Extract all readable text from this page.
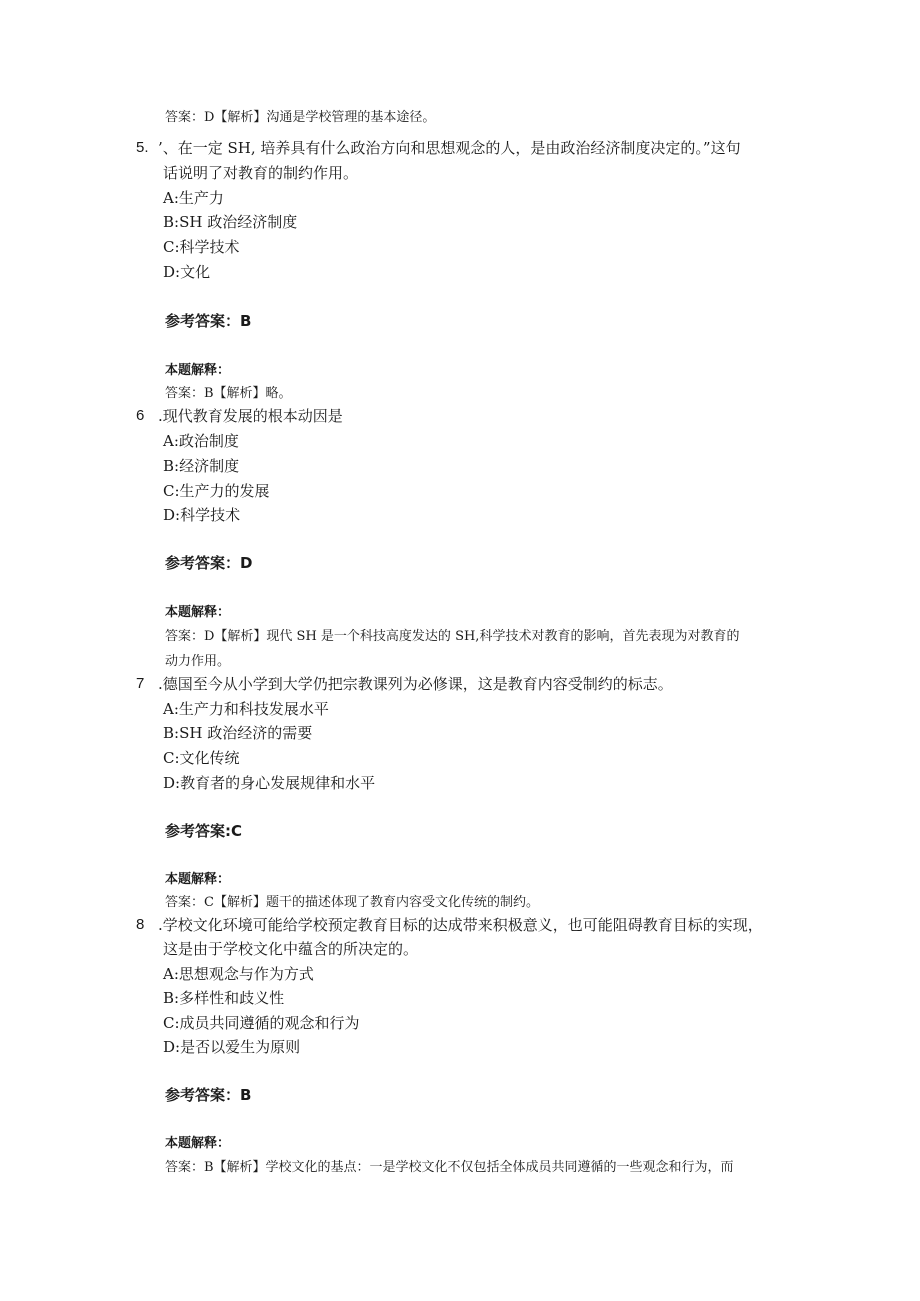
答案：D【解析】沟通是学校管理的基本途径。
5. ’、在一定 SH, 培养具有什么政治方向和思想观念的人，是由政治经济制度决定的。”这句
话说明了对教育的制约作用。
A:生产力
B:SH 政治经济制度
C:科学技术
D:文化
参考答案：B
本题解释：
答案：B【解析】略。
6 .现代教育发展的根本动因是
A:政治制度
B:经济制度
C:生产力的发展
D:科学技术
参考答案：D
本题解释：
答案：D【解析】现代 SH 是一个科技高度发达的 SH,科学技术对教育的影响，首先表现为对教育的
动力作用。
7 .德国至今从小学到大学仍把宗教课列为必修课，这是教育内容受制约的标志。
A:生产力和科技发展水平
B:SH 政治经济的需要
C:文化传统
D:教育者的身心发展规律和水平
参考答案:C
本题解释：
答案：C【解析】题干的描述体现了教育内容受文化传统的制约。
8 .学校文化环境可能给学校预定教育目标的达成带来积极意义，也可能阻碍教育目标的实现，
这是由于学校文化中蕴含的所决定的。
A:思想观念与作为方式
B:多样性和歧义性
C:成员共同遵循的观念和行为
D:是否以爱生为原则
参考答案：B
本题解释：
答案：B【解析】学校文化的基点：一是学校文化不仅包括全体成员共同遵循的一些观念和行为，而
